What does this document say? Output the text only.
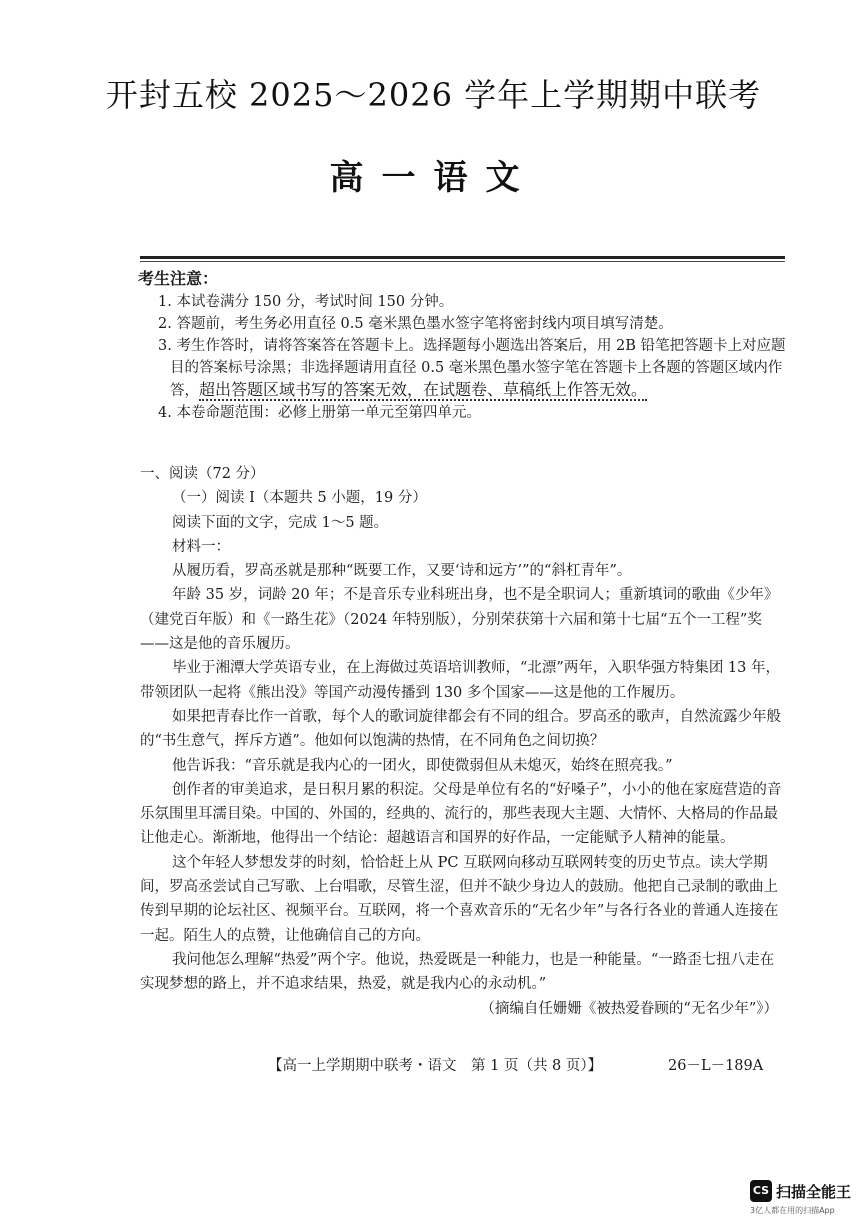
开封五校 2025～2026 学年上学期期中联考
高一语文
考生注意：

1. 本试卷满分 150 分，考试时间 150 分钟。

2. 答题前，考生务必用直径 0.5 毫米黑色墨水签字笔将密封线内项目填写清楚。

3. 考生作答时，请将答案答在答题卡上。选择题每小题选出答案后，用 2B 铅笔把答题卡上对应题目的答案标号涂黑；非选择题请用直径 0.5 毫米黑色墨水签字笔在答题卡上各题的答题区域内作答，超出答题区域书写的答案无效，在试题卷、草稿纸上作答无效。

4. 本卷命题范围：必修上册第一单元至第四单元。

一、阅读（72 分）

（一）阅读 Ⅰ（本题共 5 小题，19 分）

阅读下面的文字，完成 1～5 题。

材料一：

从履历看，罗高丞就是那种“既要工作，又要‘诗和远方’”的“斜杠青年”。

年龄 35 岁，词龄 20 年；不是音乐专业科班出身，也不是全职词人；重新填词的歌曲《少年》（建党百年版）和《一路生花》（2024 年特别版），分别荣获第十六届和第十七届“五个一工程”奖——这是他的音乐履历。

毕业于湘潭大学英语专业，在上海做过英语培训教师，“北漂”两年，入职华强方特集团 13 年，带领团队一起将《熊出没》等国产动漫传播到 130 多个国家——这是他的工作履历。

如果把青春比作一首歌，每个人的歌词旋律都会有不同的组合。罗高丞的歌声，自然流露少年般的“书生意气，挥斥方遒”。他如何以饱满的热情，在不同角色之间切换？

他告诉我：“音乐就是我内心的一团火，即使微弱但从未熄灭，始终在照亮我。”

创作者的审美追求，是日积月累的积淀。父母是单位有名的“好嗓子”，小小的他在家庭营造的音乐氛围里耳濡目染。中国的、外国的，经典的、流行的，那些表现大主题、大情怀、大格局的作品最让他走心。渐渐地，他得出一个结论：超越语言和国界的好作品，一定能赋予人精神的能量。

这个年轻人梦想发芽的时刻，恰恰赶上从 PC 互联网向移动互联网转变的历史节点。读大学期间，罗高丞尝试自己写歌、上台唱歌，尽管生涩，但并不缺少身边人的鼓励。他把自己录制的歌曲上传到早期的论坛社区、视频平台。互联网，将一个喜欢音乐的“无名少年”与各行各业的普通人连接在一起。陌生人的点赞，让他确信自己的方向。

我问他怎么理解“热爱”两个字。他说，热爱既是一种能力，也是一种能量。“一路歪七扭八走在实现梦想的路上，并不追求结果，热爱，就是我内心的永动机。”

（摘编自任姗姗《被热爱眷顾的“无名少年”》）

【高一上学期期中联考・语文　第 1 页（共 8 页）】	26－L－189A
CS 扫描全能王
3亿人都在用的扫描App
